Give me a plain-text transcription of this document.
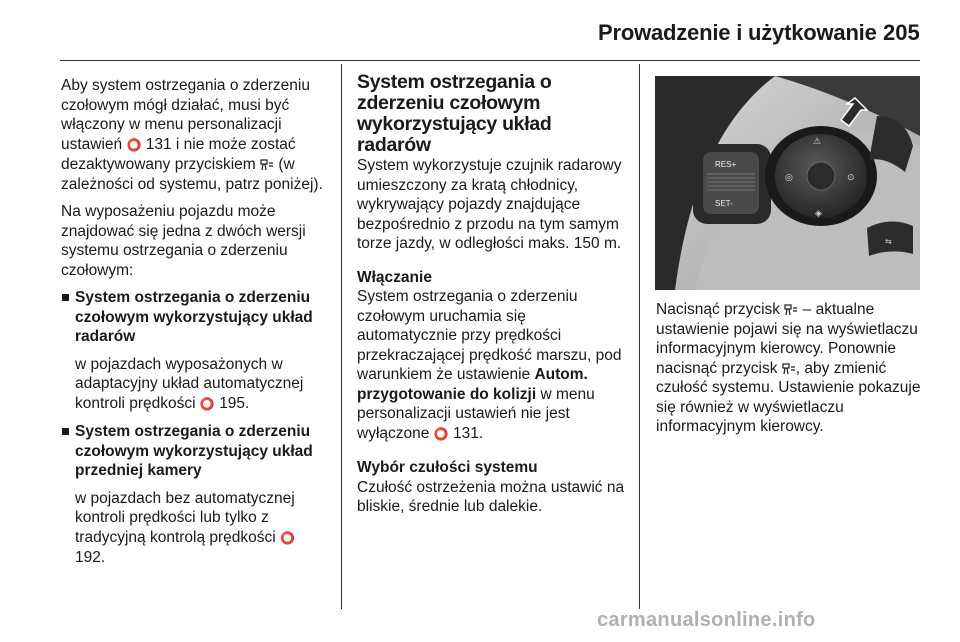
Prowadzenie i użytkowanie 205

Aby system ostrzegania o zderzeniu czołowym mógł działać, musi być włączony w menu personalizacji ustawień ⭕ 131 i nie może zostać dezaktywowany przyciskiem (w zależności od systemu, patrz poniżej).

Na wyposażeniu pojazdu może znajdować się jedna z dwóch wersji systemu ostrzegania o zderzeniu czołowym:

System ostrzegania o zderzeniu czołowym wykorzystujący układ radarów
w pojazdach wyposażonych w adaptacyjny układ automatycznej kontroli prędkości ⭕ 195.
System ostrzegania o zderzeniu czołowym wykorzystujący układ przedniej kamery
w pojazdach bez automatycznej kontroli prędkości lub tylko z tradycyjną kontrolą prędkości ⭕ 192.
System ostrzegania o zderzeniu czołowym wykorzystujący układ radarów

System wykorzystuje czujnik radarowy umieszczony za kratą chłodnicy, wykrywający pojazdy znajdujące bezpośrednio z przodu na tym samym torze jazdy, w odległości maks. 150 m.

Włączanie

System ostrzegania o zderzeniu czołowym uruchamia się automatycznie przy prędkości przekraczającej prędkość marszu, pod warunkiem że ustawienie Autom. przygotowanie do kolizji w menu personalizacji ustawień nie jest wyłączone ⭕ 131.

Wybór czułości systemu

Czułość ostrzeżenia można ustawić na bliskie, średnie lub dalekie.

RES+
SET-
⚠
◎	⊙
◈
⇆

Nacisnąć przycisk – aktualne ustawienie pojawi się na wyświetlaczu informacyjnym kierowcy. Ponownie nacisnąć przycisk , aby zmienić czułość systemu. Ustawienie pokazuje się również w wyświetlaczu informacyjnym kierowcy.

carmanualsonline.info
